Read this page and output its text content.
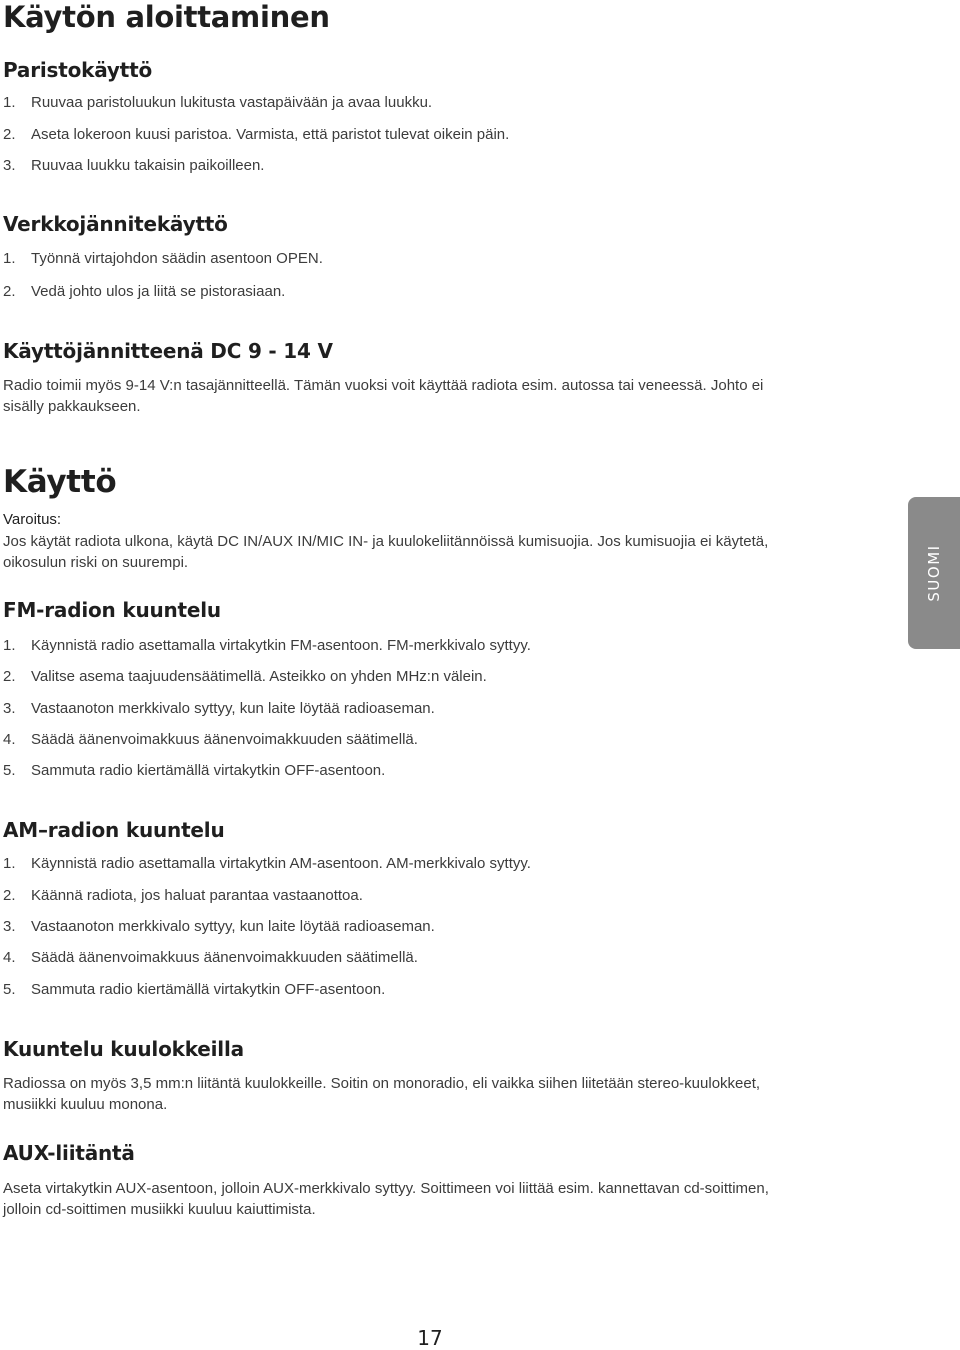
Käytön aloittaminen
Paristokäyttö

1. Ruuvaa paristoluukun lukitusta vastapäivään ja avaa luukku.

2. Aseta lokeroon kuusi paristoa. Varmista, että paristot tulevat oikein päin.

3. Ruuvaa luukku takaisin paikoilleen.

Verkkojännitekäyttö

1. Työnnä virtajohdon säädin asentoon OPEN.

2. Vedä johto ulos ja liitä se pistorasiaan.

Käyttöjännitteenä DC 9 - 14 V

Radio toimii myös 9-14 V:n tasajännitteellä. Tämän vuoksi voit käyttää radiota esim. autossa tai veneessä. Johto ei sisälly pakkaukseen.

Käyttö

Varoitus:

Jos käytät radiota ulkona, käytä DC IN/AUX IN/MIC IN- ja kuulokeliitännöissä kumisuojia. Jos kumisuojia ei käytetä, oikosulun riski on suurempi.

FM-radion kuuntelu

1. Käynnistä radio asettamalla virtakytkin FM-asentoon. FM-merkkivalo syttyy.

2. Valitse asema taajuudensäätimellä. Asteikko on yhden MHz:n välein.

3. Vastaanoton merkkivalo syttyy, kun laite löytää radioaseman.

4. Säädä äänenvoimakkuus äänenvoimakkuuden säätimellä.

5. Sammuta radio kiertämällä virtakytkin OFF-asentoon.

AM–radion kuuntelu

1. Käynnistä radio asettamalla virtakytkin AM-asentoon. AM-merkkivalo syttyy.

2. Käännä radiota, jos haluat parantaa vastaanottoa.

3. Vastaanoton merkkivalo syttyy, kun laite löytää radioaseman.

4. Säädä äänenvoimakkuus äänenvoimakkuuden säätimellä.

5. Sammuta radio kiertämällä virtakytkin OFF-asentoon.

Kuuntelu kuulokkeilla

Radiossa on myös 3,5 mm:n liitäntä kuulokkeille. Soitin on monoradio, eli vaikka siihen liitetään stereo-kuulokkeet, musiikki kuuluu monona.

AUX-liitäntä

Aseta virtakytkin AUX-asentoon, jolloin AUX-merkkivalo syttyy. Soittimeen voi liittää esim. kannettavan cd-soittimen, jolloin cd-soittimen musiikki kuuluu kaiuttimista.

SUOMI
17
